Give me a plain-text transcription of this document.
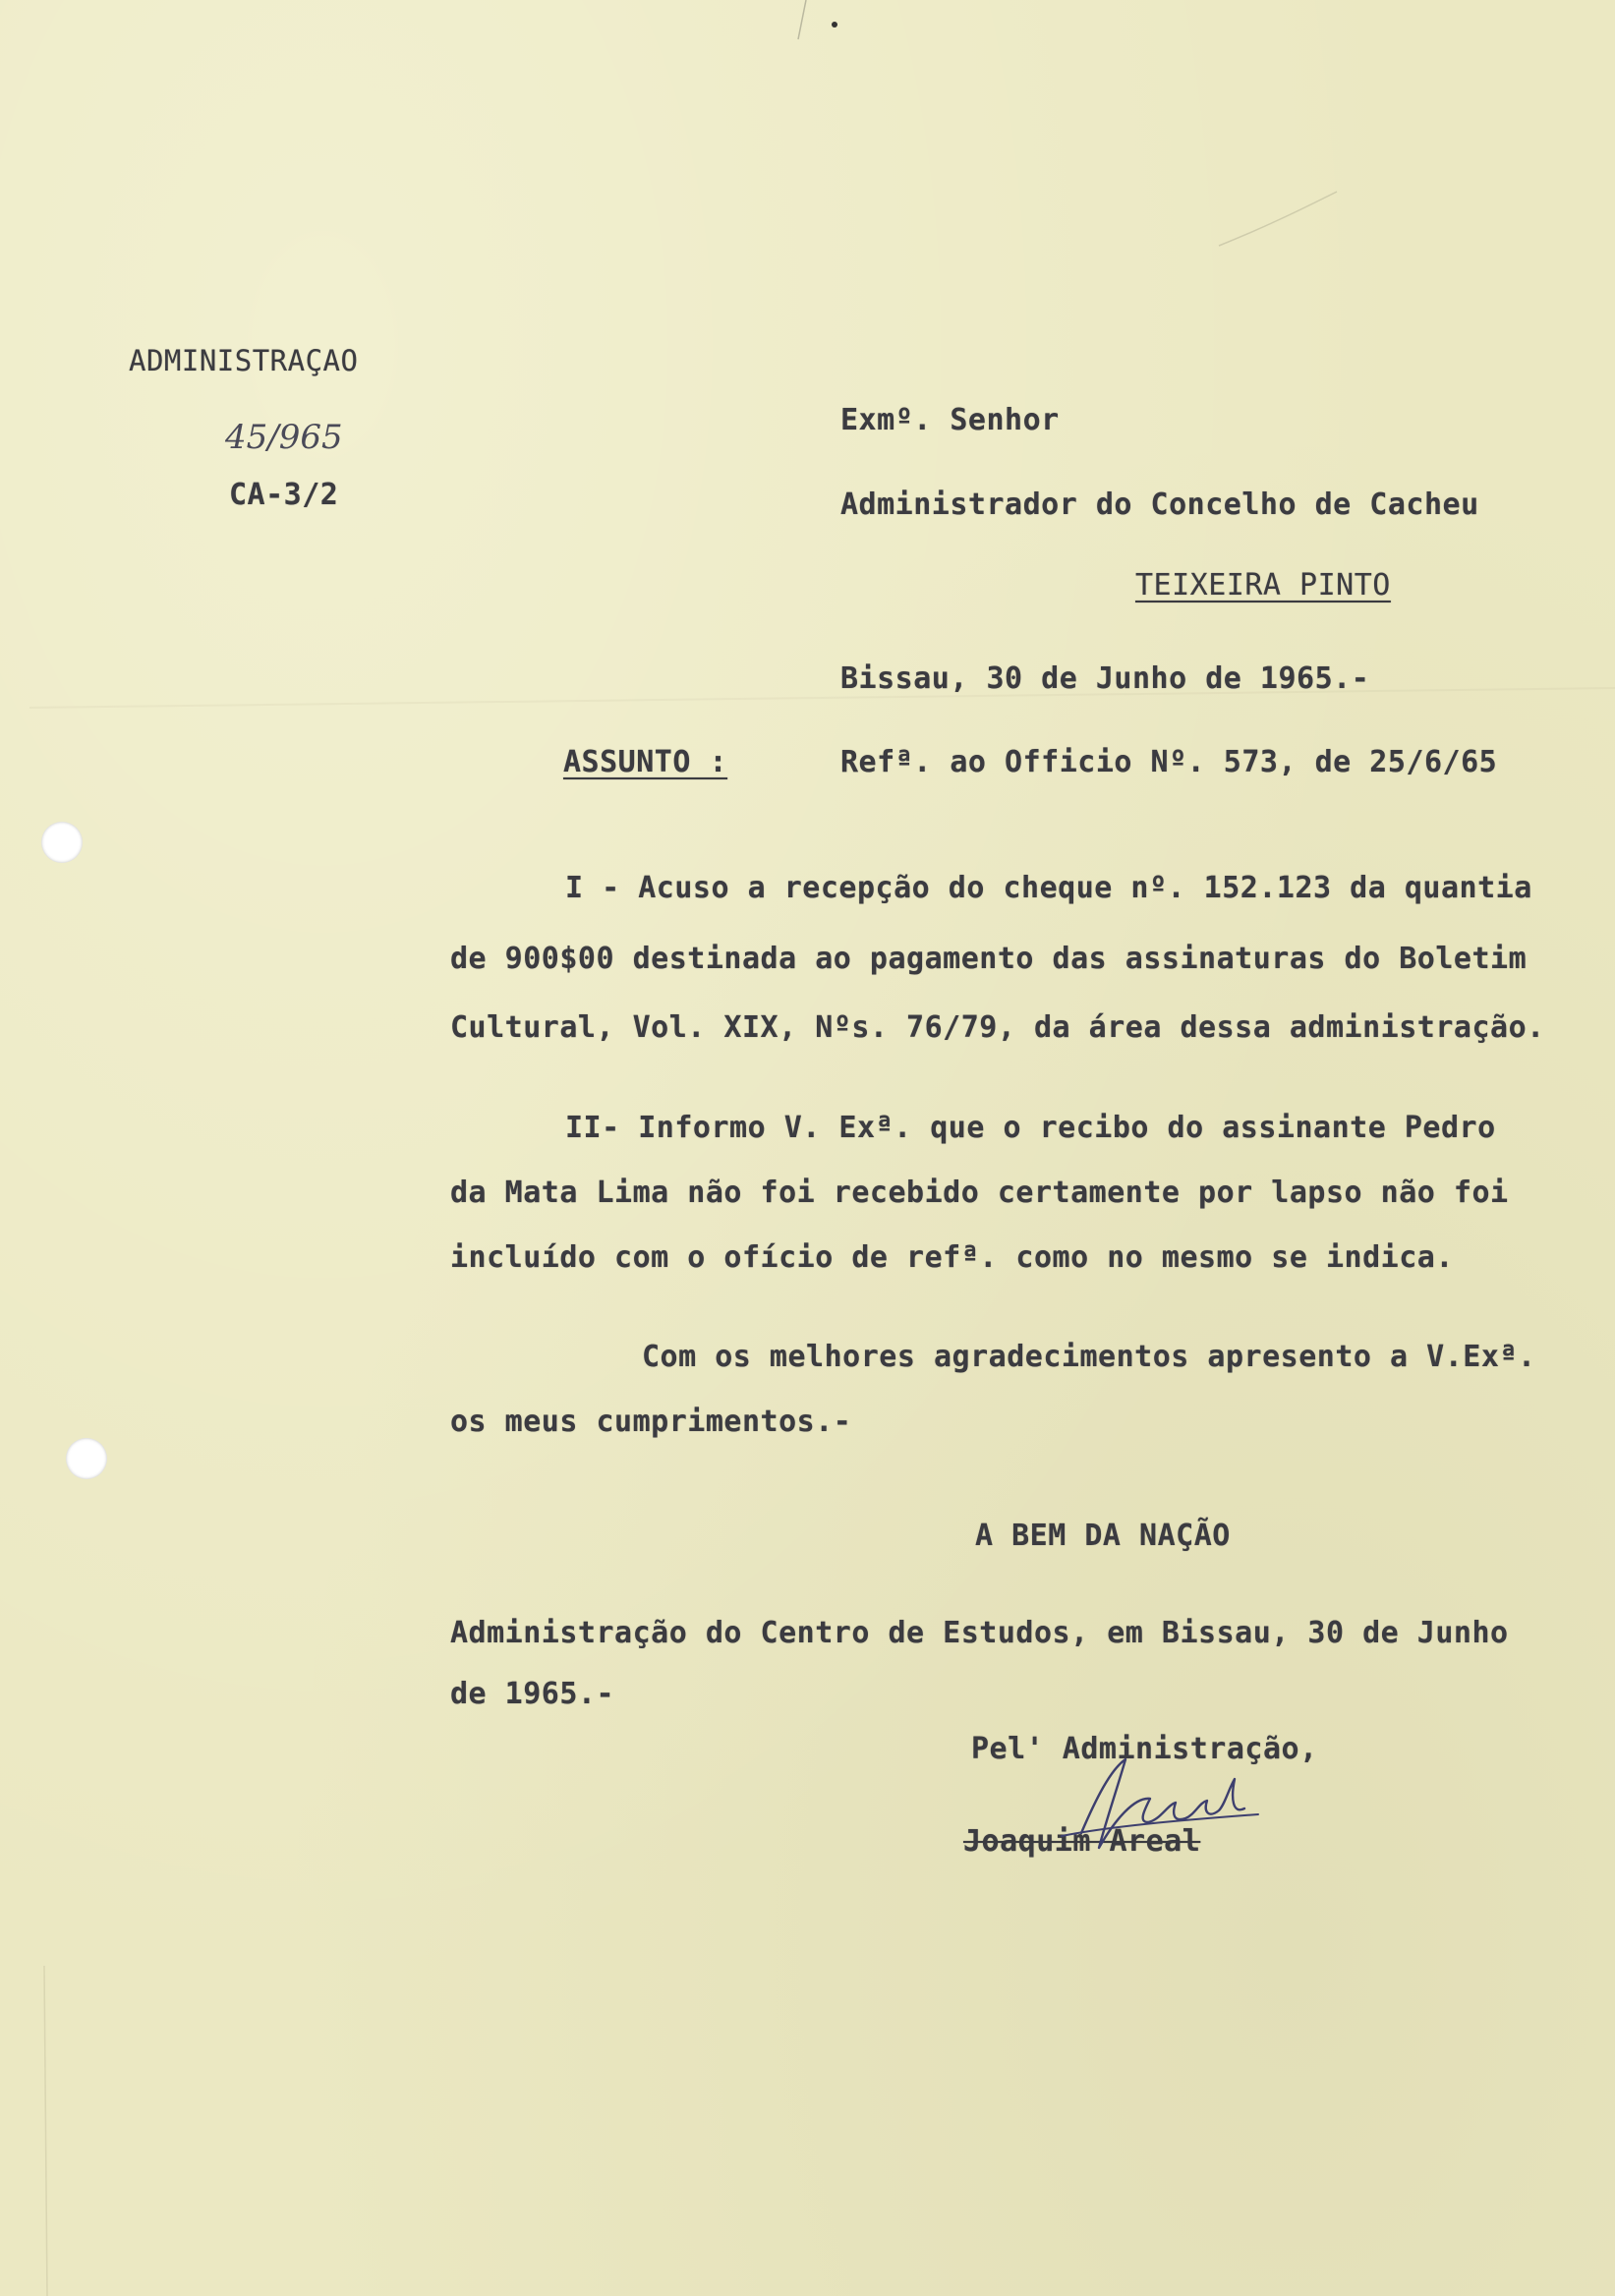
ADMINISTRAÇAO
45/965
CA-3/2
Exmº. Senhor
Administrador do Concelho de Cacheu
TEIXEIRA PINTO
Bissau, 30 de Junho de 1965.-
ASSUNTO :	Refª. ao Officio Nº. 573, de 25/6/65
I - Acuso a recepção do cheque nº. 152.123 da quantia
de 900$00 destinada ao pagamento das assinaturas do Boletim
Cultural, Vol. XIX, Nºs. 76/79, da área dessa administração.
II- Informo V. Exª. que o recibo do assinante Pedro
da Mata Lima não foi recebido certamente por lapso não foi
incluído com o ofício de refª. como no mesmo se indica.
Com os melhores agradecimentos apresento a V.Exª.
os meus cumprimentos.-
A BEM DA NAÇÃO
Administração do Centro de Estudos, em Bissau, 30 de Junho
de 1965.-
Pel' Administração,
Joaquim Areal
